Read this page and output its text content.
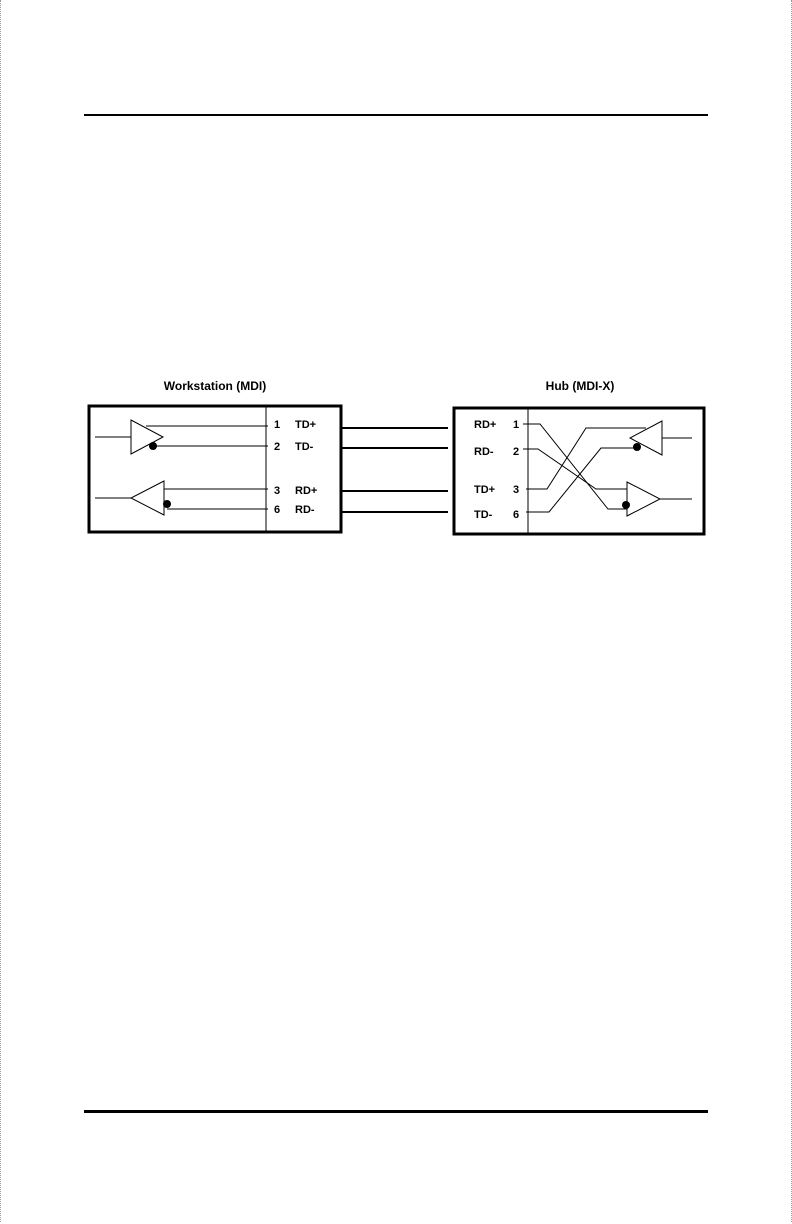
Workstation (MDI)	Hub (MDI-X)
1 TD+
2 TD-
3 RD+
6 RD-
RD+ 1
RD- 2
TD+ 3
TD- 6
